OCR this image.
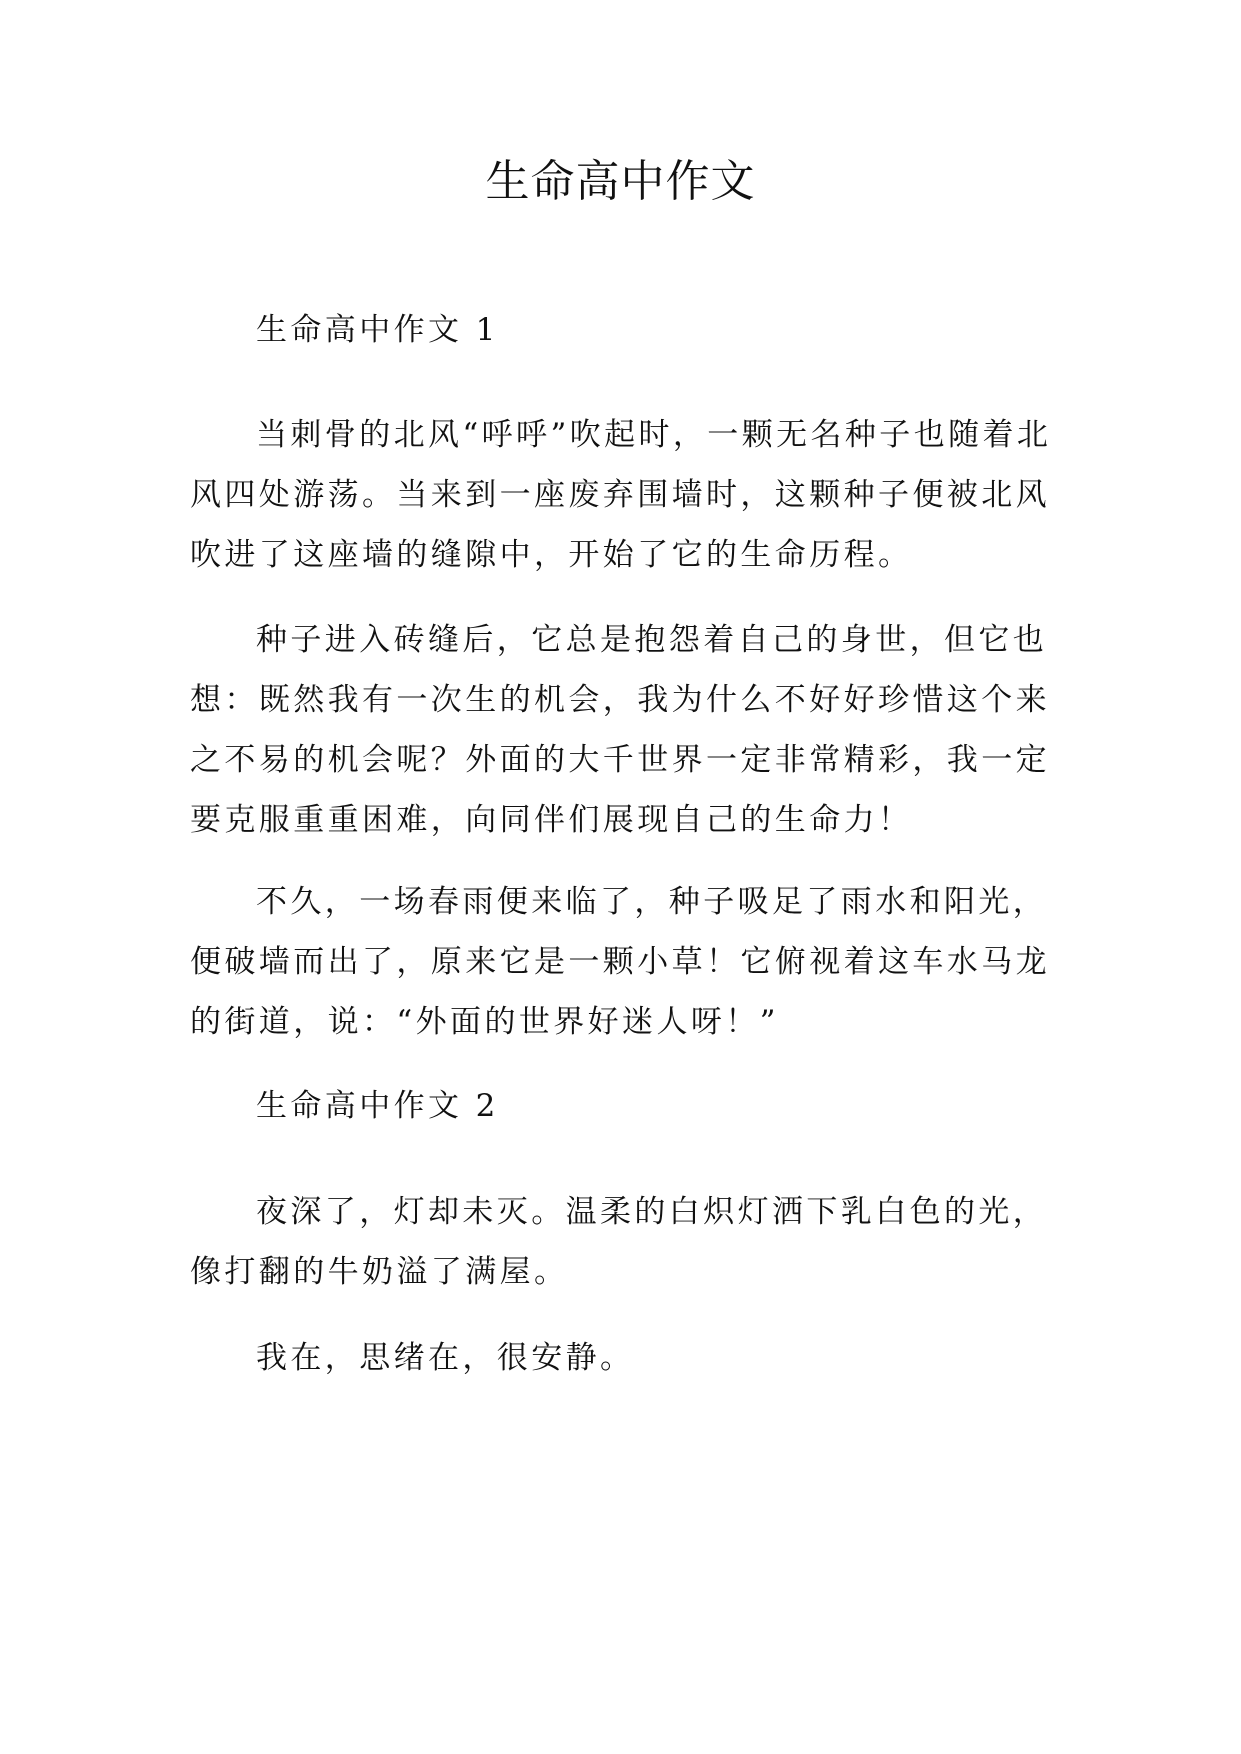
生命高中作文

生命高中作文 1

当刺骨的北风“呼呼”吹起时，一颗无名种子也随着北风四处游荡。当来到一座废弃围墙时，这颗种子便被北风吹进了这座墙的缝隙中，开始了它的生命历程。

种子进入砖缝后，它总是抱怨着自己的身世，但它也想：既然我有一次生的机会，我为什么不好好珍惜这个来之不易的机会呢？外面的大千世界一定非常精彩，我一定要克服重重困难，向同伴们展现自己的生命力！

不久，一场春雨便来临了，种子吸足了雨水和阳光，便破墙而出了，原来它是一颗小草！它俯视着这车水马龙的街道，说：“外面的世界好迷人呀！”

生命高中作文 2

夜深了，灯却未灭。温柔的白炽灯洒下乳白色的光，像打翻的牛奶溢了满屋。

我在，思绪在，很安静。
